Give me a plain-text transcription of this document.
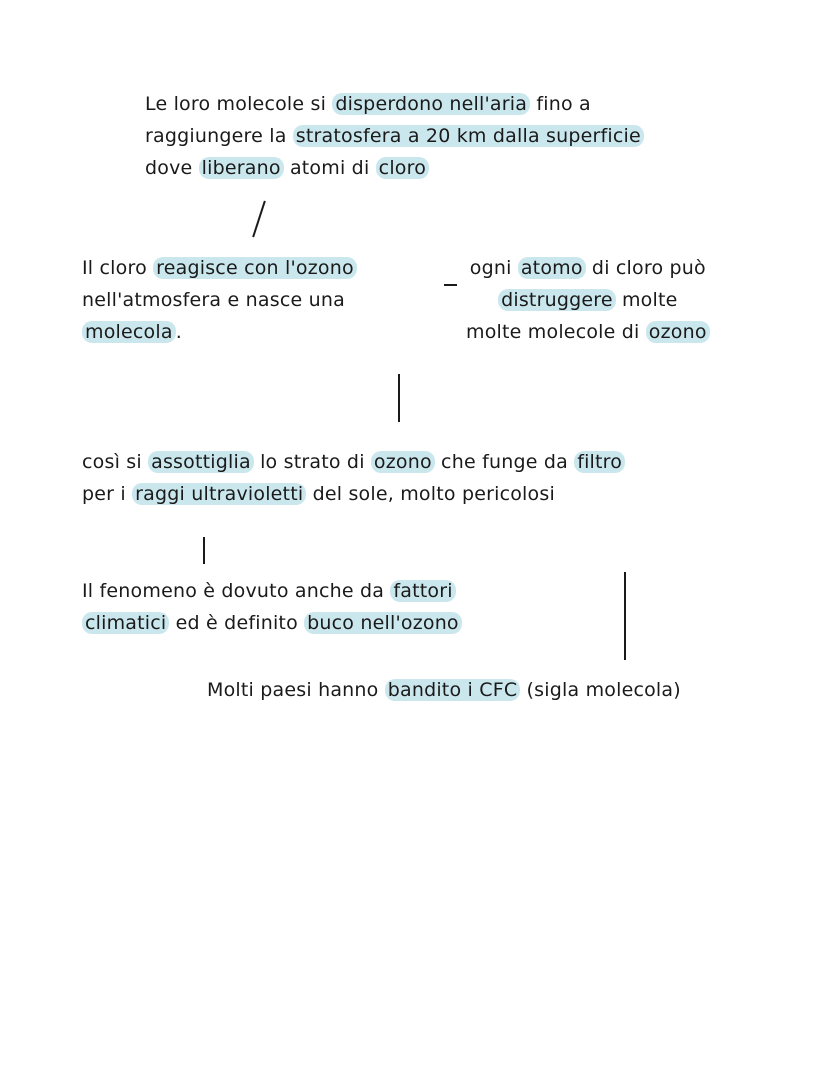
Le loro molecole si disperdono nell'aria fino a
raggiungere la stratosfera a 20 km dalla superficie
dove liberano atomi di cloro
Il cloro reagisce con l'ozono
nell'atmosfera e nasce una
molecola .
ogni atomo di cloro può
distruggere molte
molte molecole di ozono
così si assottiglia lo strato di ozono che funge da filtro
per i raggi ultravioletti del sole, molto pericolosi
Il fenomeno è dovuto anche da fattori
climatici ed è definito buco nell'ozono
Molti paesi hanno bandito i CFC (sigla molecola)
